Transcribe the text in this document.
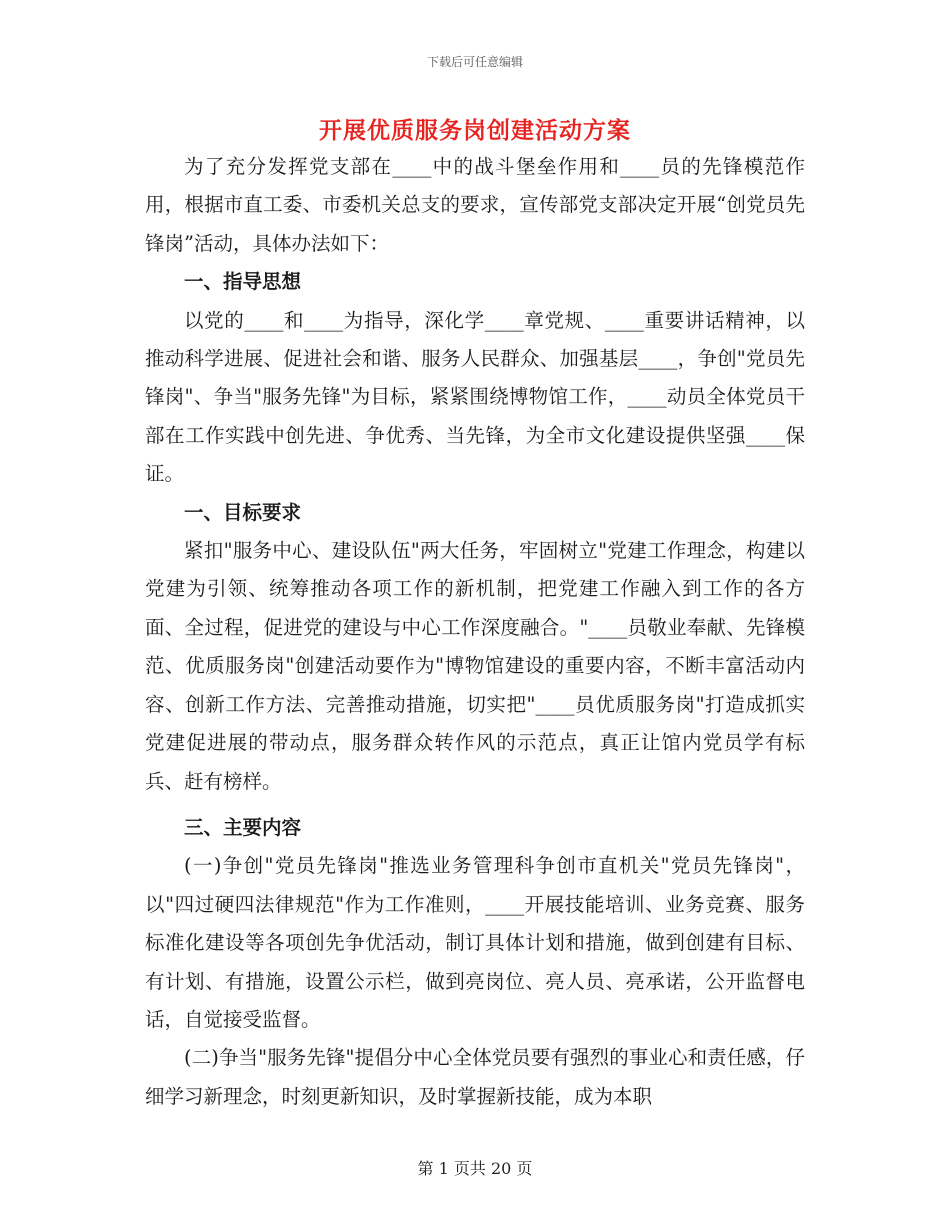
下载后可任意编辑
开展优质服务岗创建活动方案

为了充分发挥党支部在____中的战斗堡垒作用和____员的先锋模范作用，根据市直工委、市委机关总支的要求，宣传部党支部决定开展“创党员先锋岗”活动，具体办法如下：

一、指导思想

以党的____和____为指导，深化学____章党规、____重要讲话精神，以推动科学进展、促进社会和谐、服务人民群众、加强基层____，争创"党员先锋岗"、争当"服务先锋"为目标，紧紧围绕博物馆工作，____动员全体党员干部在工作实践中创先进、争优秀、当先锋，为全市文化建设提供坚强____保证。

一、目标要求

紧扣"服务中心、建设队伍"两大任务，牢固树立"党建工作理念，构建以党建为引领、统筹推动各项工作的新机制，把党建工作融入到工作的各方面、全过程，促进党的建设与中心工作深度融合。"____员敬业奉献、先锋模范、优质服务岗"创建活动要作为"博物馆建设的重要内容，不断丰富活动内容、创新工作方法、完善推动措施，切实把"____员优质服务岗"打造成抓实党建促进展的带动点，服务群众转作风的示范点，真正让馆内党员学有标兵、赶有榜样。

三、主要内容

(一)争创"党员先锋岗"推选业务管理科争创市直机关"党员先锋岗"，以"四过硬四法律规范"作为工作准则，____开展技能培训、业务竞赛、服务标准化建设等各项创先争优活动，制订具体计划和措施，做到创建有目标、有计划、有措施，设置公示栏，做到亮岗位、亮人员、亮承诺，公开监督电话，自觉接受监督。

(二)争当"服务先锋"提倡分中心全体党员要有强烈的事业心和责任感，仔细学习新理念，时刻更新知识，及时掌握新技能，成为本职

第 1 页共 20 页
